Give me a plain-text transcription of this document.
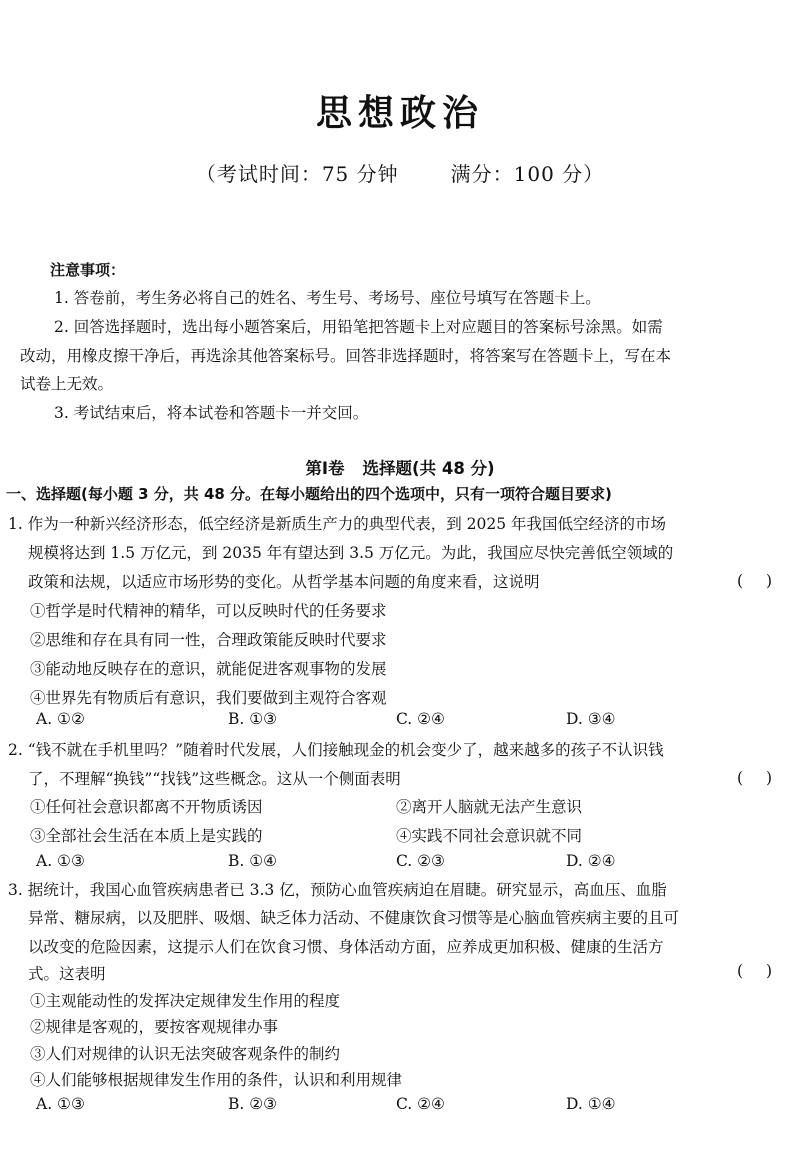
思想政治
（考试时间：75 分钟	满分：100 分）
注意事项：
1. 答卷前，考生务必将自己的姓名、考生号、考场号、座位号填写在答题卡上。
2. 回答选择题时，选出每小题答案后，用铅笔把答题卡上对应题目的答案标号涂黑。如需
改动，用橡皮擦干净后，再选涂其他答案标号。回答非选择题时，将答案写在答题卡上，写在本
试卷上无效。
3. 考试结束后，将本试卷和答题卡一并交回。
第Ⅰ卷 选择题(共 48 分)
一、选择题(每小题 3 分，共 48 分。在每小题给出的四个选项中，只有一项符合题目要求)
1. 作为一种新兴经济形态，低空经济是新质生产力的典型代表，到 2025 年我国低空经济的市场
规模将达到 1.5 万亿元，到 2035 年有望达到 3.5 万亿元。为此，我国应尽快完善低空领域的
政策和法规，以适应市场形势的变化。从哲学基本问题的角度来看，这说明	( )
①哲学是时代精神的精华，可以反映时代的任务要求
②思维和存在具有同一性，合理政策能反映时代要求
③能动地反映存在的意识，就能促进客观事物的发展
④世界先有物质后有意识，我们要做到主观符合客观
A. ①②	B. ①③	C. ②④	D. ③④
2. “钱不就在手机里吗？”随着时代发展，人们接触现金的机会变少了，越来越多的孩子不认识钱
了，不理解“换钱”“找钱”这些概念。这从一个侧面表明	( )
①任何社会意识都离不开物质诱因	②离开人脑就无法产生意识
③全部社会生活在本质上是实践的	④实践不同社会意识就不同
A. ①③	B. ①④	C. ②③	D. ②④
3. 据统计，我国心血管疾病患者已 3.3 亿，预防心血管疾病迫在眉睫。研究显示，高血压、血脂
异常、糖尿病，以及肥胖、吸烟、缺乏体力活动、不健康饮食习惯等是心脑血管疾病主要的且可
以改变的危险因素，这提示人们在饮食习惯、身体活动方面，应养成更加积极、健康的生活方
式。这表明	( )
①主观能动性的发挥决定规律发生作用的程度
②规律是客观的，要按客观规律办事
③人们对规律的认识无法突破客观条件的制约
④人们能够根据规律发生作用的条件，认识和利用规律
A. ①③	B. ②③	C. ②④	D. ①④
